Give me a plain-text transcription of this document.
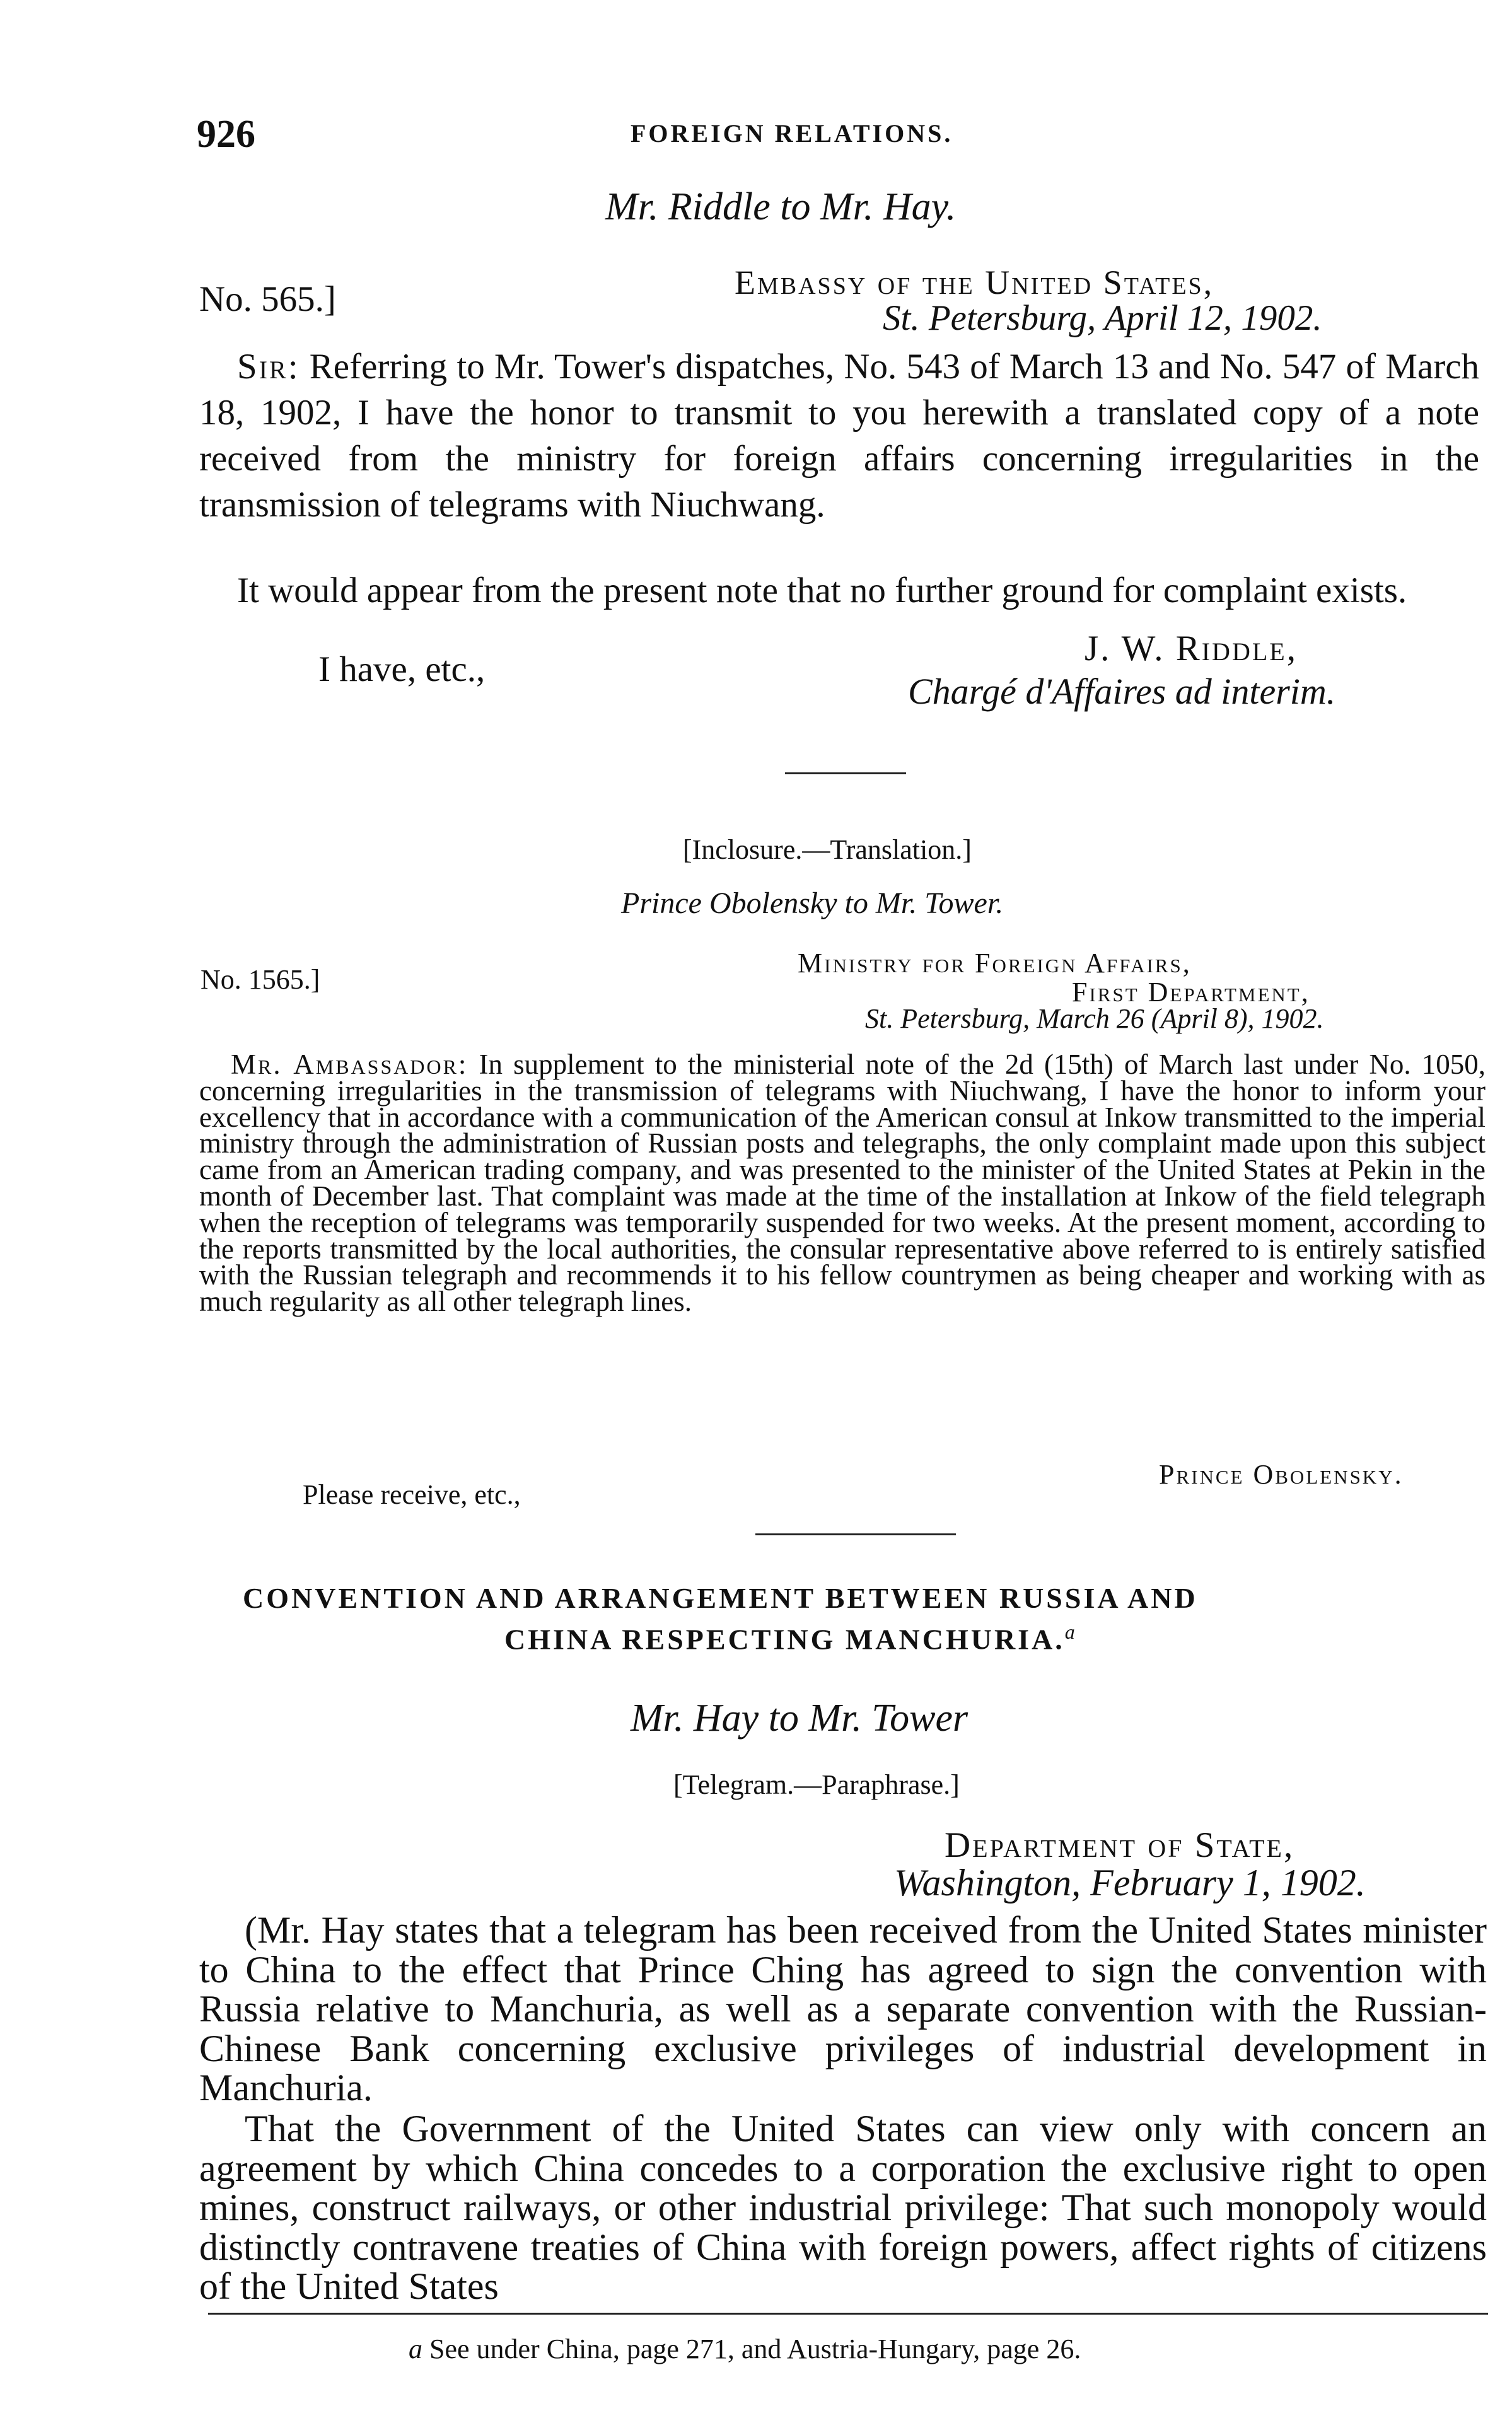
926	FOREIGN RELATIONS.
Mr. Riddle to Mr. Hay.
No. 565.]	Embassy of the United States,
St. Petersburg, April 12, 1902.
Sir: Referring to Mr. Tower's dispatches, No. 543 of March 13 and No. 547 of March 18, 1902, I have the honor to transmit to you herewith a translated copy of a note received from the ministry for foreign affairs concerning irregularities in the transmission of telegrams with Niuchwang.
It would appear from the present note that no further ground for complaint exists.
I have, etc.,
J. W. Riddle,
Chargé d'Affaires ad interim.
[Inclosure.—Translation.]
Prince Obolensky to Mr. Tower.
No. 1565.]
Ministry for Foreign Affairs,
First Department,
St. Petersburg, March 26 (April 8), 1902.
Mr. Ambassador: In supplement to the ministerial note of the 2d (15th) of March last under No. 1050, concerning irregularities in the transmission of telegrams with Niuchwang, I have the honor to inform your excellency that in accordance with a communication of the American consul at Inkow transmitted to the imperial ministry through the administration of Russian posts and telegraphs, the only complaint made upon this subject came from an American trading company, and was presented to the minister of the United States at Pekin in the month of December last. That complaint was made at the time of the installation at Inkow of the field telegraph when the reception of telegrams was temporarily suspended for two weeks. At the present moment, according to the reports transmitted by the local authorities, the consular representative above referred to is entirely satisfied with the Russian telegraph and recommends it to his fellow countrymen as being cheaper and working with as much regularity as all other telegraph lines.
Please receive, etc.,
Prince Obolensky.
CONVENTION AND ARRANGEMENT BETWEEN RUSSIA AND
CHINA RESPECTING MANCHURIA.$^a$
Mr. Hay to Mr. Tower
[Telegram.—Paraphrase.]
Department of State,
Washington, February 1, 1902.
(Mr. Hay states that a telegram has been received from the United States minister to China to the effect that Prince Ching has agreed to sign the convention with Russia relative to Manchuria, as well as a separate convention with the Russian-Chinese Bank concerning exclusive privileges of industrial development in Manchuria.
That the Government of the United States can view only with concern an agreement by which China concedes to a corporation the exclusive right to open mines, construct railways, or other industrial privilege: That such monopoly would distinctly contravene treaties of China with foreign powers, affect rights of citizens of the United States
a See under China, page 271, and Austria-Hungary, page 26.
